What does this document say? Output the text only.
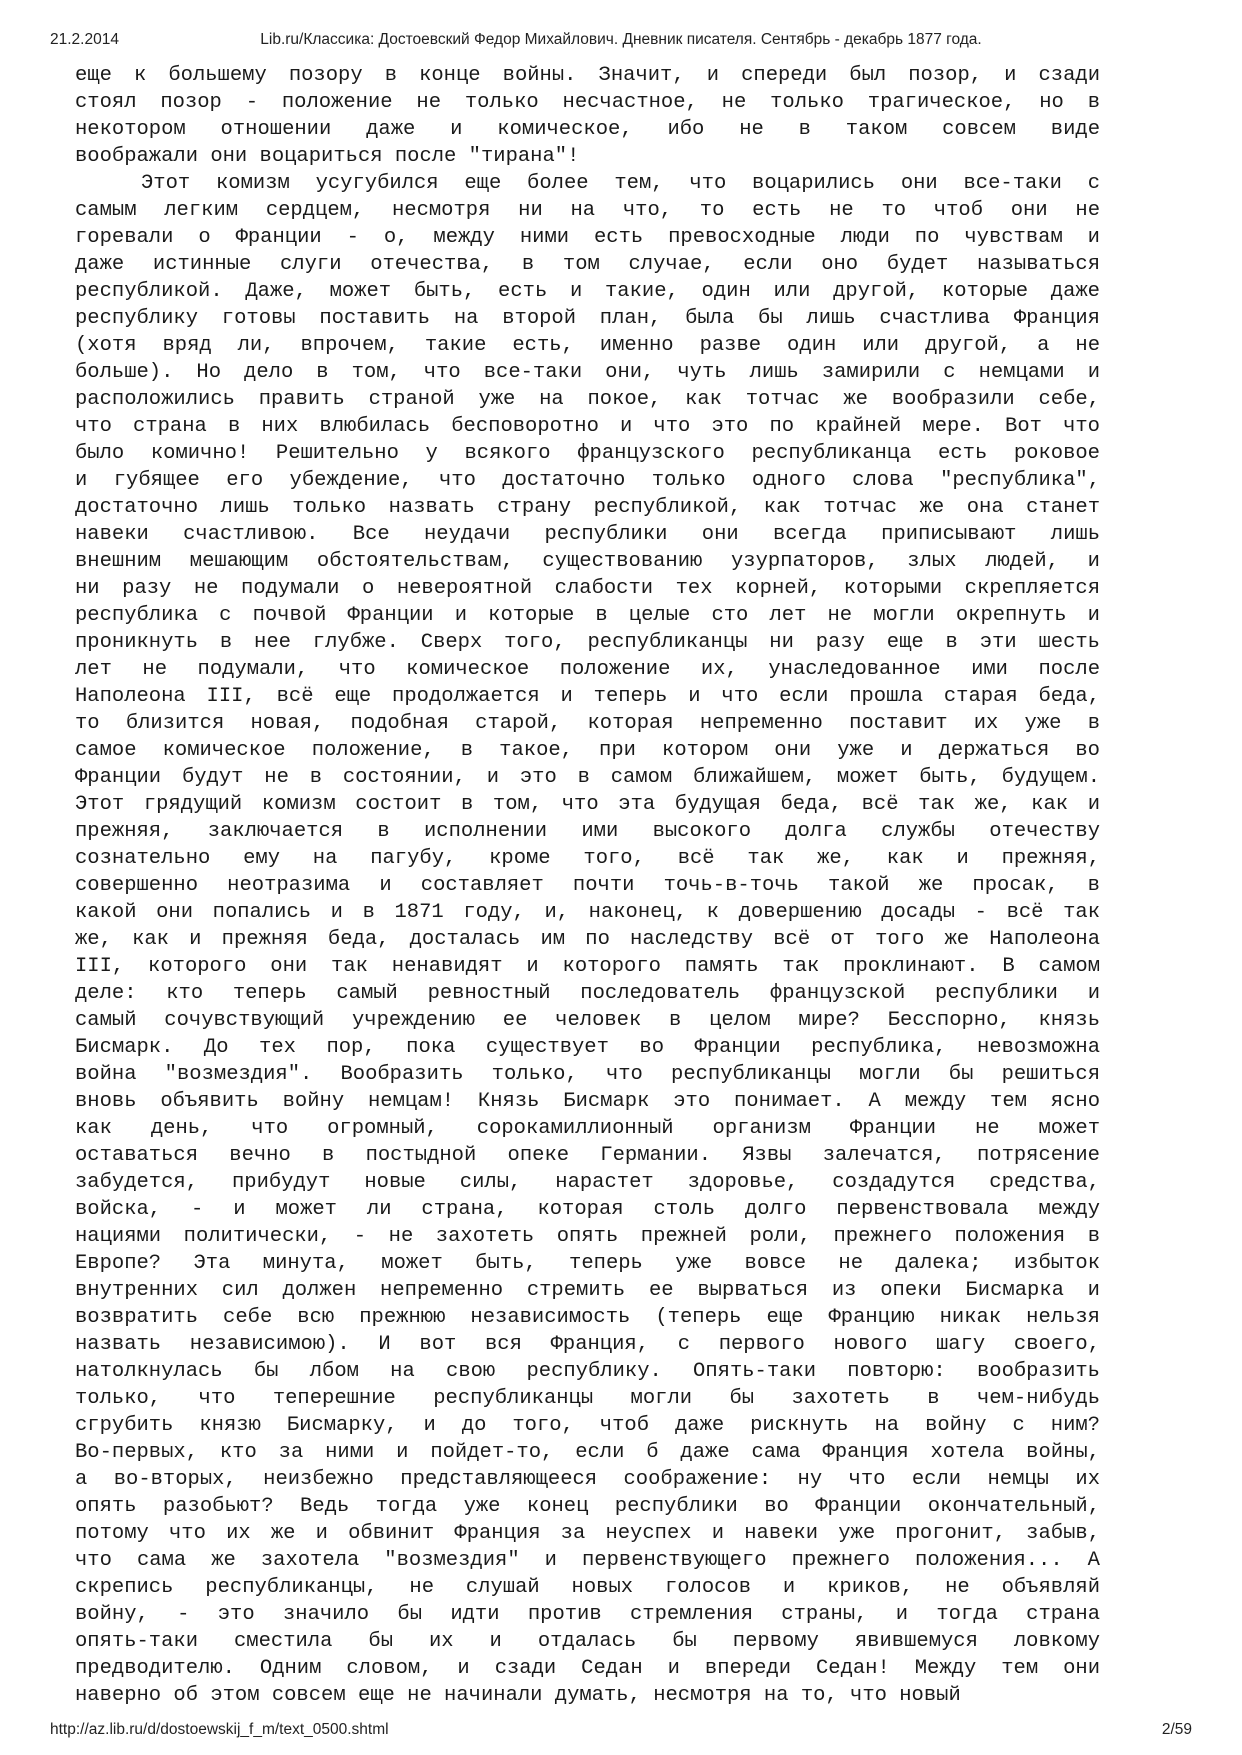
21.2.2014	Lib.ru/Классика: Достоевский Федор Михайлович. Дневник писателя. Сентябрь - декабрь 1877 года.
еще к большему позору в конце войны. Значит, и спереди был позор, и сзади
стоял позор - положение не только несчастное, не только трагическое, но в
некотором отношении даже и комическое, ибо не в таком совсем виде
воображали они воцариться после "тирана"!
Этот комизм усугубился еще более тем, что воцарились они все-таки с
самым легким сердцем, несмотря ни на что, то есть не то чтоб они не
горевали о Франции - о, между ними есть превосходные люди по чувствам и
даже истинные слуги отечества, в том случае, если оно будет называться
республикой. Даже, может быть, есть и такие, один или другой, которые даже
республику готовы поставить на второй план, была бы лишь счастлива Франция
(хотя вряд ли, впрочем, такие есть, именно разве один или другой, а не
больше). Но дело в том, что все-таки они, чуть лишь замирили с немцами и
расположились править страной уже на покое, как тотчас же вообразили себе,
что страна в них влюбилась бесповоротно и что это по крайней мере. Вот что
было комично! Решительно у всякого французского республиканца есть роковое
и губящее его убеждение, что достаточно только одного слова "республика",
достаточно лишь только назвать страну республикой, как тотчас же она станет
навеки счастливою. Все неудачи республики они всегда приписывают лишь
внешним мешающим обстоятельствам, существованию узурпаторов, злых людей, и
ни разу не подумали о невероятной слабости тех корней, которыми скрепляется
республика с почвой Франции и которые в целые сто лет не могли окрепнуть и
проникнуть в нее глубже. Сверх того, республиканцы ни разу еще в эти шесть
лет не подумали, что комическое положение их, унаследованное ими после
Наполеона III, всё еще продолжается и теперь и что если прошла старая беда,
то близится новая, подобная старой, которая непременно поставит их уже в
самое комическое положение, в такое, при котором они уже и держаться во
Франции будут не в состоянии, и это в самом ближайшем, может быть, будущем.
Этот грядущий комизм состоит в том, что эта будущая беда, всё так же, как и
прежняя, заключается в исполнении ими высокого долга службы отечеству
сознательно ему на пагубу, кроме того, всё так же, как и прежняя,
совершенно неотразима и составляет почти точь-в-точь такой же просак, в
какой они попались и в 1871 году, и, наконец, к довершению досады - всё так
же, как и прежняя беда, досталась им по наследству всё от того же Наполеона
III, которого они так ненавидят и которого память так проклинают. В самом
деле: кто теперь самый ревностный последователь французской республики и
самый сочувствующий учреждению ее человек в целом мире? Бесспорно, князь
Бисмарк. До тех пор, пока существует во Франции республика, невозможна
война "возмездия". Вообразить только, что республиканцы могли бы решиться
вновь объявить войну немцам! Князь Бисмарк это понимает. А между тем ясно
как день, что огромный, сорокамиллионный организм Франции не может
оставаться вечно в постыдной опеке Германии. Язвы залечатся, потрясение
забудется, прибудут новые силы, нарастет здоровье, создадутся средства,
войска, - и может ли страна, которая столь долго первенствовала между
нациями политически, - не захотеть опять прежней роли, прежнего положения в
Европе? Эта минута, может быть, теперь уже вовсе не далека; избыток
внутренних сил должен непременно стремить ее вырваться из опеки Бисмарка и
возвратить себе всю прежнюю независимость (теперь еще Францию никак нельзя
назвать независимою). И вот вся Франция, с первого нового шагу своего,
натолкнулась бы лбом на свою республику. Опять-таки повторю: вообразить
только, что теперешние республиканцы могли бы захотеть в чем-нибудь
сгрубить князю Бисмарку, и до того, чтоб даже рискнуть на войну с ним?
Во-первых, кто за ними и пойдет-то, если б даже сама Франция хотела войны,
а во-вторых, неизбежно представляющееся соображение: ну что если немцы их
опять разобьют? Ведь тогда уже конец республики во Франции окончательный,
потому что их же и обвинит Франция за неуспех и навеки уже прогонит, забыв,
что сама же захотела "возмездия" и первенствующего прежнего положения... А
скрепись республиканцы, не слушай новых голосов и криков, не объявляй
войну, - это значило бы идти против стремления страны, и тогда страна
опять-таки сместила бы их и отдалась бы первому явившемуся ловкому
предводителю. Одним словом, и сзади Седан и впереди Седан! Между тем они
наверно об этом совсем еще не начинали думать, несмотря на то, что новый
http://az.lib.ru/d/dostoewskij_f_m/text_0500.shtml	2/59
